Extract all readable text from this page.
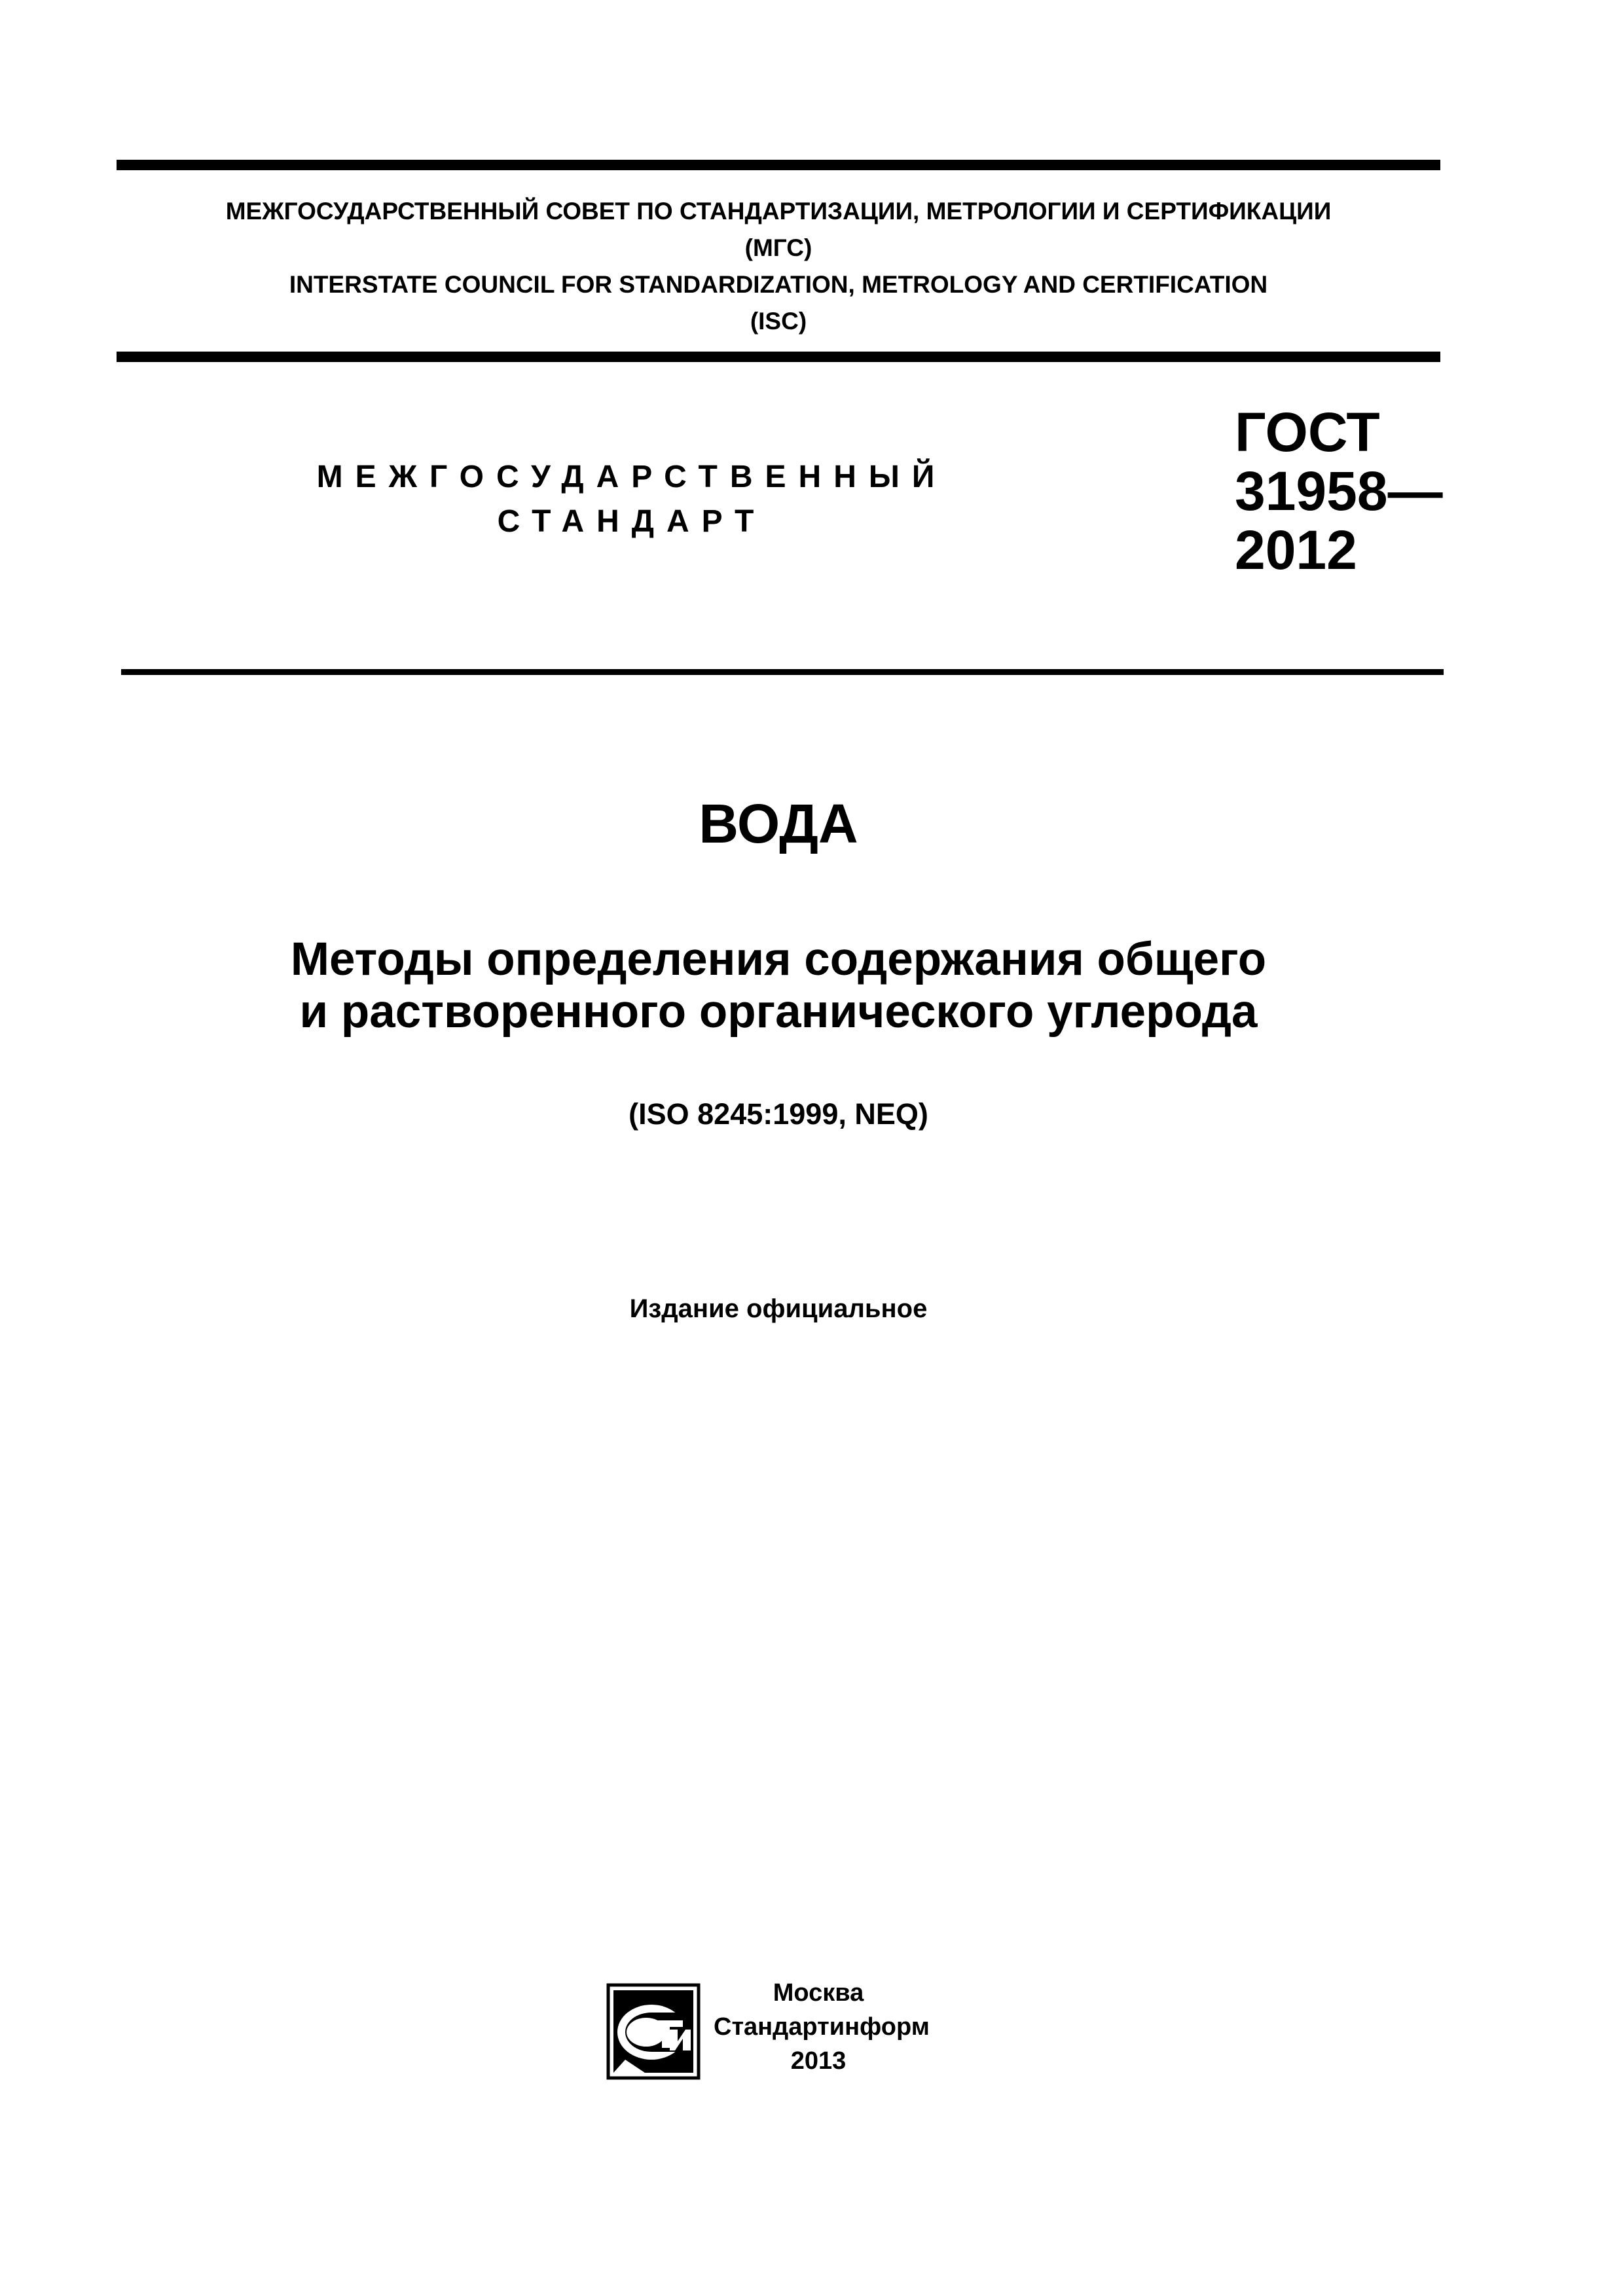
МЕЖГОСУДАРСТВЕННЫЙ СОВЕТ ПО СТАНДАРТИЗАЦИИ, МЕТРОЛОГИИ И СЕРТИФИКАЦИИ
(МГС)
INTERSTATE COUNCIL FOR STANDARDIZATION, METROLOGY AND CERTIFICATION
(ISC)
МЕЖГОСУДАРСТВЕННЫЙ
СТАНДАРТ
ГОСТ
31958—
2012
ВОДА
Методы определения содержания общего
и растворенного органического углерода
(ISO 8245:1999, NEQ)
Издание официальное
Москва
Стандартинформ
2013
